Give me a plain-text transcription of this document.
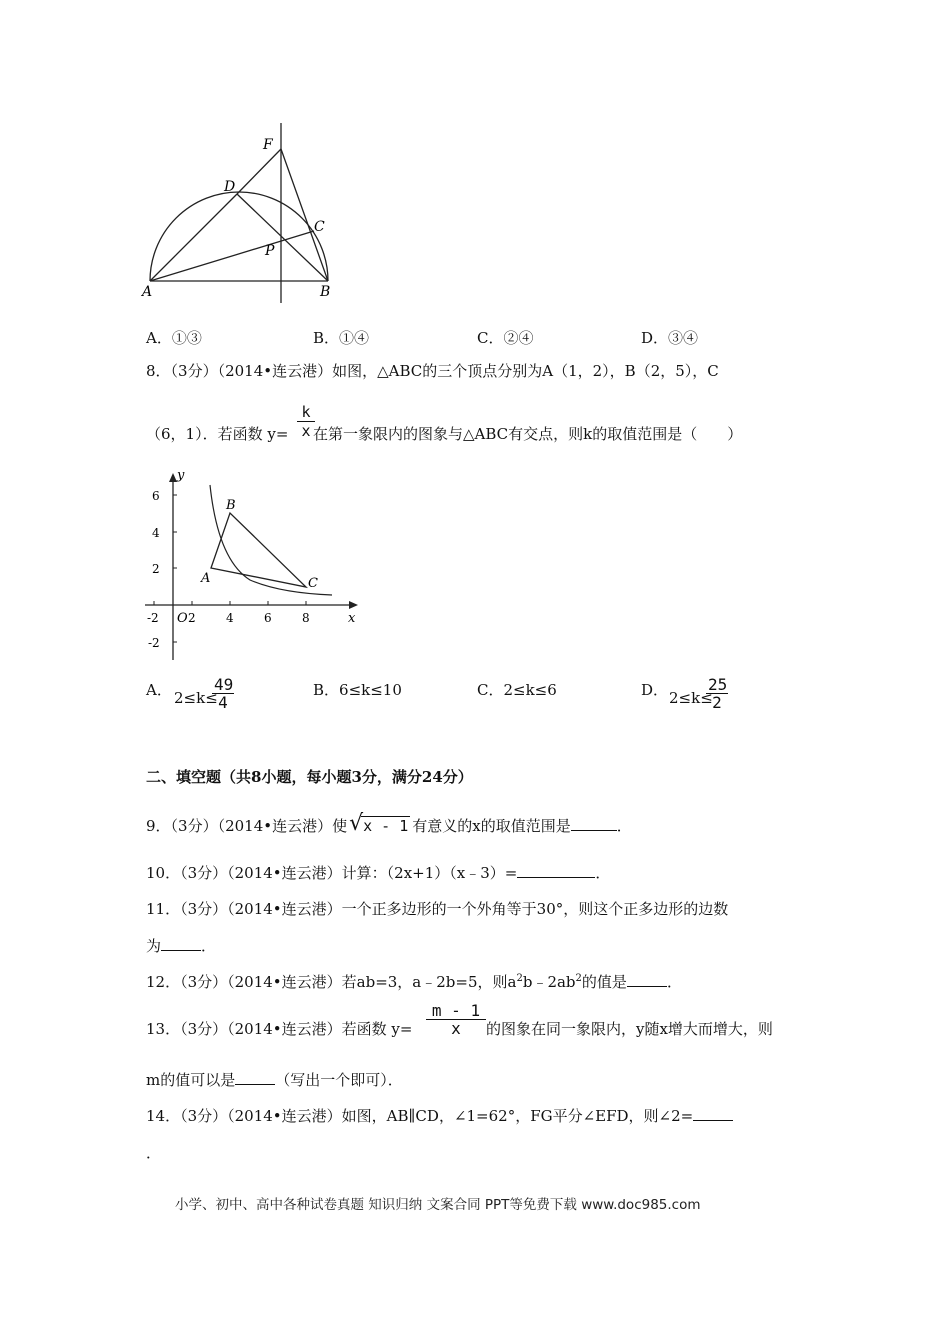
F
D
C
P
A	B
A．①③	B．①④	C．②④	D．③④
8．（3分）（2014•连云港）如图，△ABC的三个顶点分别为A（1，2），B（2，5），C
（6，1）．若函数 $y= \frac{k}{x}$
在第一象限内的图象与△ABC有交点，则k的取值范围是（　　）
-2 2	4	6	8
6
4
2
-2
O	x
y
A
B
C
A． 2≤k≤
$\frac{49}{4}$	B．6≤k≤10	C．2≤k≤6	D． 2≤k≤
$\frac{25}{2}$
二、填空题（共8小题，每小题3分，满分24分）
9．（3分）（2014•连云港）使 √ x - 1 有意义的x的取值范围是	．
10．（3分）（2014•连云港）计算：（2x+1）（x﹣3）=	．
11．（3分）（2014•连云港）一个正多边形的一个外角等于30°，则这个正多边形的边数
为	．
12．（3分）（2014•连云港）若ab=3，a﹣2b=5，则$a^2b﹣2ab^2$的值是	．
13．（3分）（2014•连云港）若函数 $y= \frac{m - 1}{x}$ 的图象在同一象限内，y随x增大而增大，则
m的值可以是	（写出一个即可）．
14．（3分）（2014•连云港）如图，AB∥CD，∠1=62°，FG平分∠EFD，则∠2=
．
小学、初中、高中各种试卷真题 知识归纳 文案合同 PPT等免费下载 www.doc985.com
